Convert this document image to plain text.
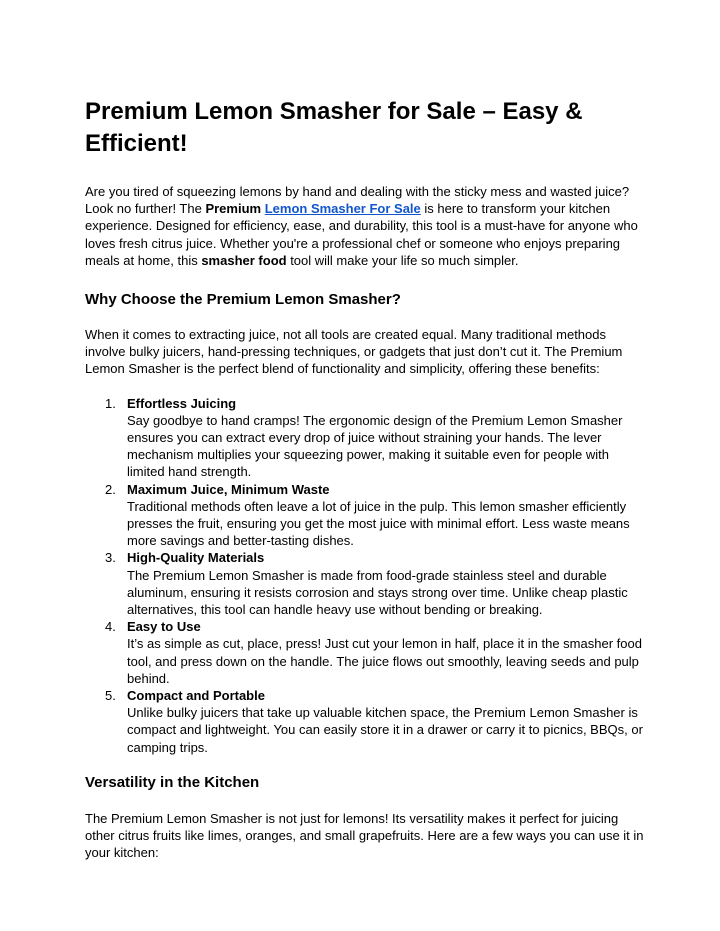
Premium Lemon Smasher for Sale – Easy & Efficient!

Are you tired of squeezing lemons by hand and dealing with the sticky mess and wasted juice? Look no further! The Premium Lemon Smasher For Sale is here to transform your kitchen experience. Designed for efficiency, ease, and durability, this tool is a must-have for anyone who loves fresh citrus juice. Whether you're a professional chef or someone who enjoys preparing meals at home, this smasher food tool will make your life so much simpler.

Why Choose the Premium Lemon Smasher?

When it comes to extracting juice, not all tools are created equal. Many traditional methods involve bulky juicers, hand-pressing techniques, or gadgets that just don’t cut it. The Premium Lemon Smasher is the perfect blend of functionality and simplicity, offering these benefits:

1. Effortless Juicing
Say goodbye to hand cramps! The ergonomic design of the Premium Lemon Smasher ensures you can extract every drop of juice without straining your hands. The lever mechanism multiplies your squeezing power, making it suitable even for people with limited hand strength.
2. Maximum Juice, Minimum Waste
Traditional methods often leave a lot of juice in the pulp. This lemon smasher efficiently presses the fruit, ensuring you get the most juice with minimal effort. Less waste means more savings and better-tasting dishes.
3. High-Quality Materials
The Premium Lemon Smasher is made from food-grade stainless steel and durable aluminum, ensuring it resists corrosion and stays strong over time. Unlike cheap plastic alternatives, this tool can handle heavy use without bending or breaking.
4. Easy to Use
It’s as simple as cut, place, press! Just cut your lemon in half, place it in the smasher food tool, and press down on the handle. The juice flows out smoothly, leaving seeds and pulp behind.
5. Compact and Portable
Unlike bulky juicers that take up valuable kitchen space, the Premium Lemon Smasher is compact and lightweight. You can easily store it in a drawer or carry it to picnics, BBQs, or camping trips.
Versatility in the Kitchen

The Premium Lemon Smasher is not just for lemons! Its versatility makes it perfect for juicing other citrus fruits like limes, oranges, and small grapefruits. Here are a few ways you can use it in your kitchen:
